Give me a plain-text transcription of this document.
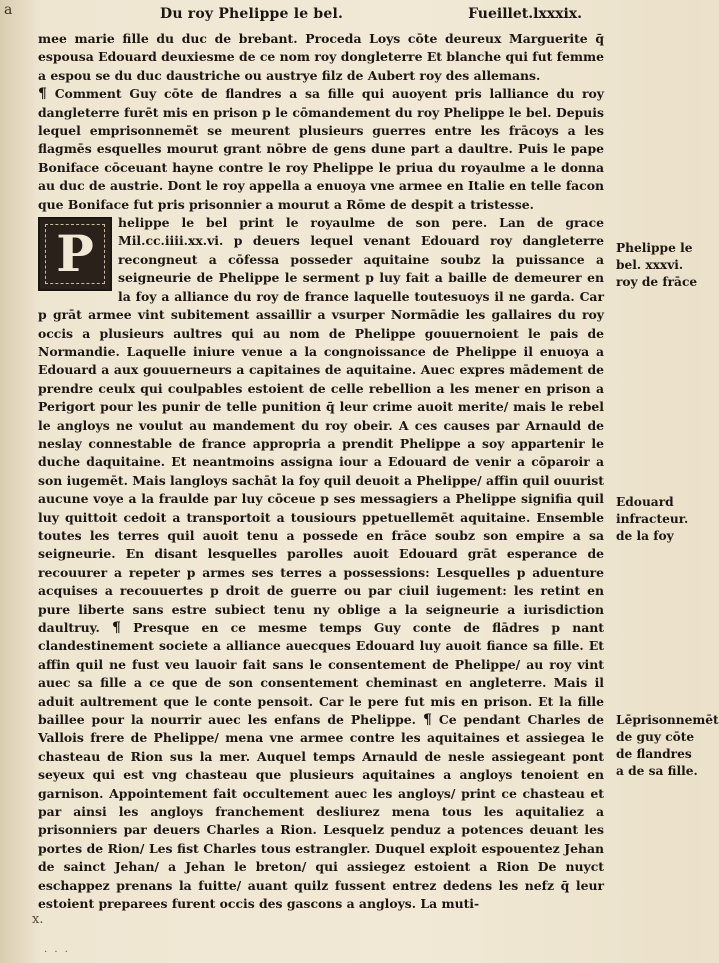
a	Du roy Phelippe le bel.	Fueillet.lxxxix.

mee marie fille du duc de brebant. Proceda Loys cōte deureux Marguerite q̄ espousa Edouard deuxiesme de ce nom roy dongleterre Et blanche qui fut femme a espou se du duc daustriche ou austrye filz de Aubert roy des allemans.

¶ Comment Guy cōte de flandres a sa fille qui auoyent pris lalliance du roy dangleterre furēt mis en prison p le cōmandement du roy Phelippe le bel. Depuis lequel emprisonnemēt se meurent plusieurs guerres entre les frācoys a les flagmēs esquelles mourut grant nōbre de gens dune part a daultre. Puis le pape Boniface cōceuant hayne contre le roy Phelippe le priua du royaulme a le donna au duc de austrie. Dont le roy appella a enuoya vne armee en Italie en telle facon que Boniface fut pris prisonnier a mourut a Rōme de despit a tristesse.

P
helippe le bel print le royaulme de son pere. Lan de grace Mil.cc.iiii.xx.vi. p deuers lequel venant Edouard roy dangleterre recongneut a cōfessa posseder aquitaine soubz la puissance a seigneurie de Phelippe le serment p luy fait a baille de demeurer en la foy a alliance du roy de france laquelle toutesuoys il ne garda. Car p grāt armee vint subitement assaillir a vsurper Normādie les gallaires du roy occis a plusieurs aultres qui au nom de Phelippe gouuernoient le pais de Normandie. Laquelle iniure venue a la congnoissance de Phelippe il enuoya a Edouard a aux gouuerneurs a capitaines de aquitaine. Auec expres mādement de prendre ceulx qui coulpables estoient de celle rebellion a les mener en prison a Perigort pour les punir de telle punition q̄ leur crime auoit merite/ mais le rebel le angloys ne voulut au mandement du roy obeir. A ces causes par Arnauld de neslay connestable de france appropria a prendit Phelippe a soy appartenir le duche daquitaine. Et neantmoins assigna iour a Edouard de venir a cōparoir a son iugemēt. Mais langloys sachāt la foy quil deuoit a Phelippe/ affin quil ouurist aucune voye a la fraulde par luy cōceue p ses messagiers a Phelippe signifia quil luy quittoit cedoit a transportoit a tousiours ppetuellemēt aquitaine. Ensemble toutes les terres quil auoit tenu a possede en frāce soubz son empire a sa seigneurie. En disant lesquelles parolles auoit Edouard grāt esperance de recouurer a repeter p armes ses terres a possessions: Lesquelles p aduenture acquises a recouuertes p droit de guerre ou par ciuil iugement: les retint en pure liberte sans estre subiect tenu ny oblige a la seigneurie a iurisdiction daultruy. ¶ Presque en ce mesme temps Guy conte de flādres p nant clandestinement societe a alliance auecques Edouard luy auoit fiance sa fille. Et affin quil ne fust veu lauoir fait sans le consentement de Phelippe/ au roy vint auec sa fille a ce que de son consentement cheminast en angleterre. Mais il aduit aultrement que le conte pensoit. Car le pere fut mis en prison. Et la fille baillee pour la nourrir auec les enfans de Phelippe. ¶ Ce pendant Charles de Vallois frere de Phelippe/ mena vne armee contre les aquitaines et assiegea le chasteau de Rion sus la mer. Auquel temps Arnauld de nesle assiegeant pont seyeux qui est vng chasteau que plusieurs aquitaines a angloys tenoient en garnison. Appointement fait occultement auec les angloys/ print ce chasteau et par ainsi les angloys franchement desliurez mena tous les aquitaliez a prisonniers par deuers Charles a Rion. Lesquelz penduz a potences deuant les portes de Rion/ Les fist Charles tous estrangler. Duquel exploit espouentez Jehan de sainct Jehan/ a Jehan le breton/ qui assiegez estoient a Rion De nuyct eschappez prenans la fuitte/ auant quilz fussent entrez dedens les nefz q̄ leur estoient preparees furent occis des gascons a angloys. La muti-

Phelippe le bel. xxxvi. roy de frāce
Edouard infracteur. de la foy
Lēprisonnemēt de guy cōte de flandres a de sa fille.
x.
. . .
